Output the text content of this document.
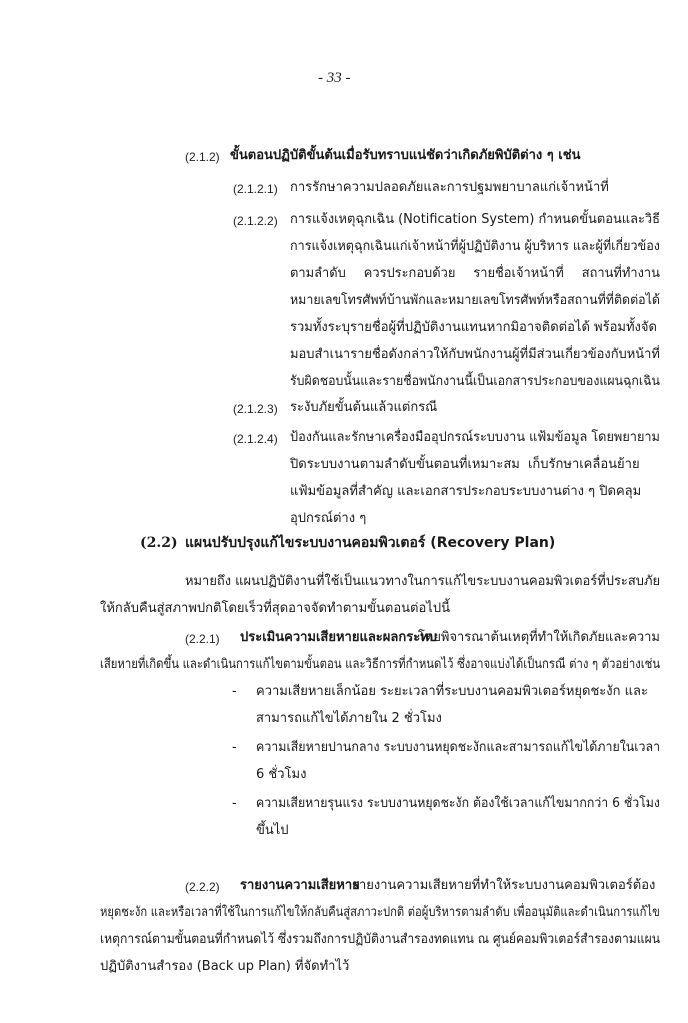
- 33 -
(2.1.2) ขั้นตอนปฏิบัติขั้นต้นเมื่อรับทราบแน่ชัดว่าเกิดภัยพิบัติต่าง ๆ เช่น
(2.1.2.1) การรักษาความปลอดภัยและการปฐมพยาบาลแก่เจ้าหน้าที่
(2.1.2.2) การแจ้งเหตุฉุกเฉิน (Notification System) กำหนดขั้นตอนและวิธี
การแจ้งเหตุฉุกเฉินแก่เจ้าหน้าที่ผู้ปฏิบัติงาน ผู้บริหาร และผู้ที่เกี่ยวข้อง
ตามลำดับ ควรประกอบด้วย รายชื่อเจ้าหน้าที่ สถานที่ทำงาน
หมายเลขโทรศัพท์บ้านพักและหมายเลขโทรศัพท์หรือสถานที่ที่ติดต่อได้
รวมทั้งระบุรายชื่อผู้ที่ปฏิบัติงานแทนหากมิอาจติดต่อได้ พร้อมทั้งจัด
มอบสำเนารายชื่อดังกล่าวให้กับพนักงานผู้ที่มีส่วนเกี่ยวข้องกับหน้าที่
รับผิดชอบนั้นและรายชื่อพนักงานนี้เป็นเอกสารประกอบของแผนฉุกเฉิน
(2.1.2.3) ระงับภัยขั้นต้นแล้วแต่กรณี
(2.1.2.4) ป้องกันและรักษาเครื่องมืออุปกรณ์ระบบงาน แฟ้มข้อมูล โดยพยายาม
ปิดระบบงานตามลำดับขั้นตอนที่เหมาะสม เก็บรักษาเคลื่อนย้าย
แฟ้มข้อมูลที่สำคัญ และเอกสารประกอบระบบงานต่าง ๆ ปิดคลุม
อุปกรณ์ต่าง ๆ
(2.2) แผนปรับปรุงแก้ไขระบบงานคอมพิวเตอร์ (Recovery Plan)
หมายถึง แผนปฏิบัติงานที่ใช้เป็นแนวทางในการแก้ไขระบบงานคอมพิวเตอร์ที่ประสบภัย
ให้กลับคืนสู่สภาพปกติโดยเร็วที่สุดอาจจัดทำตามขั้นตอนต่อไปนี้
(2.2.1) ประเมินความเสียหายและผลกระทบ
โดยพิจารณาต้นเหตุที่ทำให้เกิดภัยและความ
เสียหายที่เกิดขึ้น และดำเนินการแก้ไขตามขั้นตอน และวิธีการที่กำหนดไว้ ซึ่งอาจแบ่งได้เป็นกรณี ต่าง ๆ ตัวอย่างเช่น
- ความเสียหายเล็กน้อย ระยะเวลาที่ระบบงานคอมพิวเตอร์หยุดชะงัก และ
สามารถแก้ไขได้ภายใน 2 ชั่วโมง
- ความเสียหายปานกลาง ระบบงานหยุดชะงักและสามารถแก้ไขได้ภายในเวลา
6 ชั่วโมง
- ความเสียหายรุนแรง ระบบงานหยุดชะงัก ต้องใช้เวลาแก้ไขมากกว่า 6 ชั่วโมง
ขึ้นไป
(2.2.2) รายงานความเสียหาย
รายงานความเสียหายที่ทำให้ระบบงานคอมพิวเตอร์ต้อง
หยุดชะงัก และหรือเวลาที่ใช้ในการแก้ไขให้กลับคืนสู่สภาวะปกติ ต่อผู้บริหารตามลำดับ เพื่ออนุมัติและดำเนินการแก้ไข
เหตุการณ์ตามขั้นตอนที่กำหนดไว้ ซึ่งรวมถึงการปฏิบัติงานสำรองทดแทน ณ ศูนย์คอมพิวเตอร์สำรองตามแผน
ปฏิบัติงานสำรอง (Back up Plan) ที่จัดทำไว้
